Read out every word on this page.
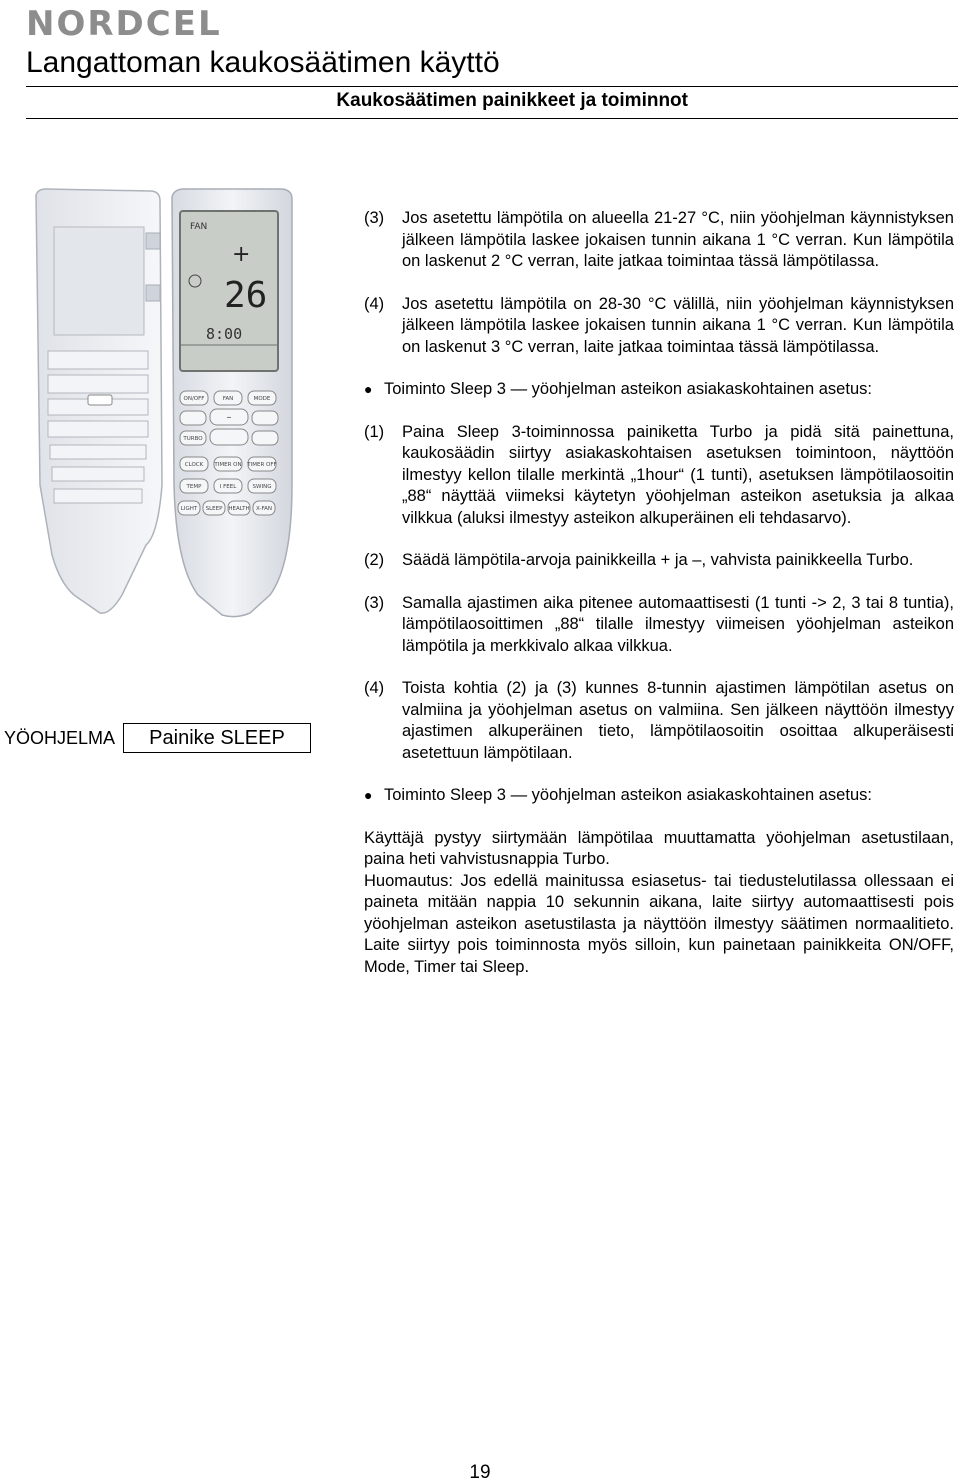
NORDCEL
Langattoman kaukosäätimen käyttö
Kaukosäätimen painikkeet ja toiminnot
FAN
+
26
8:00
ON/OFF	FAN	MODE
–
TURBO
CLOCK TIMER ON TIMER OFF
TEMP	I FEEL	SWING
LIGHT SLEEP HEALTH X-FAN
(3)	Jos asetettu lämpötila on alueella 21-27 °C, niin yöohjelman käynnistyksen jälkeen lämpötila laskee jokaisen tunnin aikana 1 °C verran. Kun lämpötila on laskenut 2 °C verran, laite jatkaa toimintaa tässä lämpötilassa.
(4)	Jos asetettu lämpötila on 28-30 °C välillä, niin yöohjelman käynnistyksen jälkeen lämpötila laskee jokaisen tunnin aikana 1 °C verran. Kun lämpötila on laskenut 3 °C verran, laite jatkaa toimintaa tässä lämpötilassa.
● Toiminto Sleep 3 — yöohjelman asteikon asiakaskohtainen asetus:
(1)	Paina Sleep 3-toiminnossa painiketta Turbo ja pidä sitä painettuna, kaukosäädin siirtyy asiakaskohtaisen asetuksen toimintoon, näyttöön ilmestyy kellon tilalle merkintä „1hour“ (1 tunti), asetuksen lämpötilaosoitin „88“ näyttää viimeksi käytetyn yöohjelman asteikon asetuksia ja alkaa vilkkua (aluksi ilmestyy asteikon alkuperäinen eli tehdasarvo).
(2)	Säädä lämpötila-arvoja painikkeilla + ja –, vahvista painikkeella Turbo.
(3)	Samalla ajastimen aika pitenee automaattisesti (1 tunti -> 2, 3 tai 8 tuntia), lämpötilaosoittimen „88“ tilalle ilmestyy viimeisen yöohjelman asteikon lämpötila ja merkkivalo alkaa vilkkua.
(4)	Toista kohtia (2) ja (3) kunnes 8-tunnin ajastimen lämpötilan asetus on valmiina ja yöohjelman asetus on valmiina. Sen jälkeen näyttöön ilmestyy ajastimen alkuperäinen tieto, lämpötilaosoitin osoittaa alkuperäisesti asetettuun lämpötilaan.
● Toiminto Sleep 3 — yöohjelman asteikon asiakaskohtainen asetus:
Käyttäjä pystyy siirtymään lämpötilaa muuttamatta yöohjelman asetustilaan, paina heti vahvistusnappia Turbo.
Huomautus: Jos edellä mainitussa esiasetus- tai tiedustelutilassa ollessaan ei paineta mitään nappia 10 sekunnin aikana, laite siirtyy automaattisesti pois yöohjelman asteikon asetustilasta ja näyttöön ilmestyy säätimen normaalitieto. Laite siirtyy pois toiminnosta myös silloin, kun painetaan painikkeita ON/OFF, Mode, Timer tai Sleep.
YÖOHJELMA	Painike SLEEP
19
